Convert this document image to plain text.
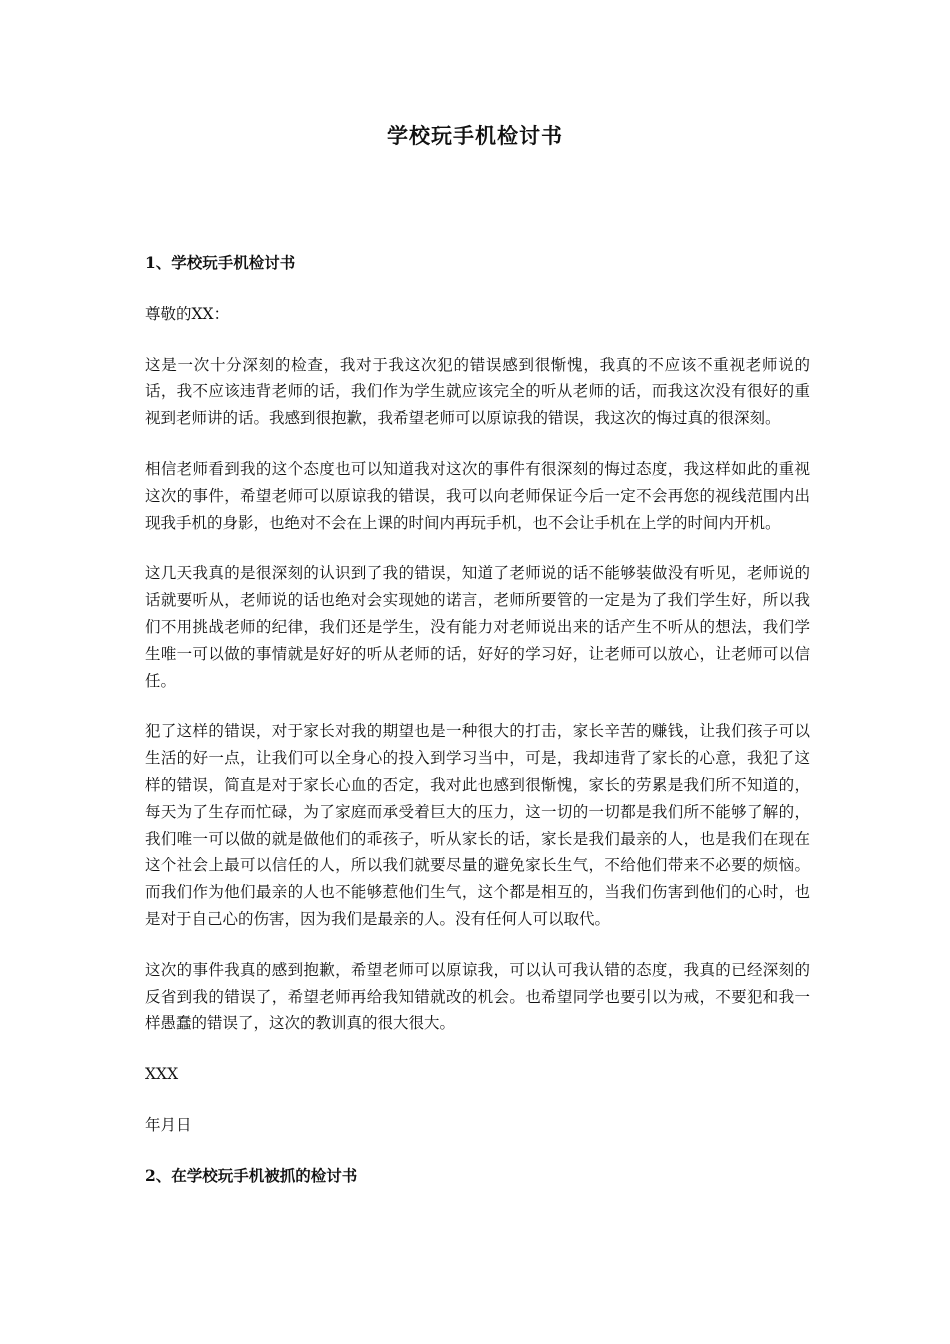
学校玩手机检讨书

1、学校玩手机检讨书

尊敬的XX：

这是一次十分深刻的检查，我对于我这次犯的错误感到很惭愧，我真的不应该不重视老师说的话，我不应该违背老师的话，我们作为学生就应该完全的听从老师的话，而我这次没有很好的重视到老师讲的话。我感到很抱歉，我希望老师可以原谅我的错误，我这次的悔过真的很深刻。

相信老师看到我的这个态度也可以知道我对这次的事件有很深刻的悔过态度，我这样如此的重视这次的事件，希望老师可以原谅我的错误，我可以向老师保证今后一定不会再您的视线范围内出现我手机的身影，也绝对不会在上课的时间内再玩手机，也不会让手机在上学的时间内开机。

这几天我真的是很深刻的认识到了我的错误，知道了老师说的话不能够装做没有听见，老师说的话就要听从，老师说的话也绝对会实现她的诺言，老师所要管的一定是为了我们学生好，所以我们不用挑战老师的纪律，我们还是学生，没有能力对老师说出来的话产生不听从的想法，我们学生唯一可以做的事情就是好好的听从老师的话，好好的学习好，让老师可以放心，让老师可以信任。

犯了这样的错误，对于家长对我的期望也是一种很大的打击，家长辛苦的赚钱，让我们孩子可以生活的好一点，让我们可以全身心的投入到学习当中，可是，我却违背了家长的心意，我犯了这样的错误，简直是对于家长心血的否定，我对此也感到很惭愧，家长的劳累是我们所不知道的，每天为了生存而忙碌，为了家庭而承受着巨大的压力，这一切的一切都是我们所不能够了解的，我们唯一可以做的就是做他们的乖孩子，听从家长的话，家长是我们最亲的人，也是我们在现在这个社会上最可以信任的人，所以我们就要尽量的避免家长生气，不给他们带来不必要的烦恼。而我们作为他们最亲的人也不能够惹他们生气，这个都是相互的，当我们伤害到他们的心时，也是对于自己心的伤害，因为我们是最亲的人。没有任何人可以取代。

这次的事件我真的感到抱歉，希望老师可以原谅我，可以认可我认错的态度，我真的已经深刻的反省到我的错误了，希望老师再给我知错就改的机会。也希望同学也要引以为戒，不要犯和我一样愚蠢的错误了，这次的教训真的很大很大。

XXX

年月日

2、在学校玩手机被抓的检讨书
